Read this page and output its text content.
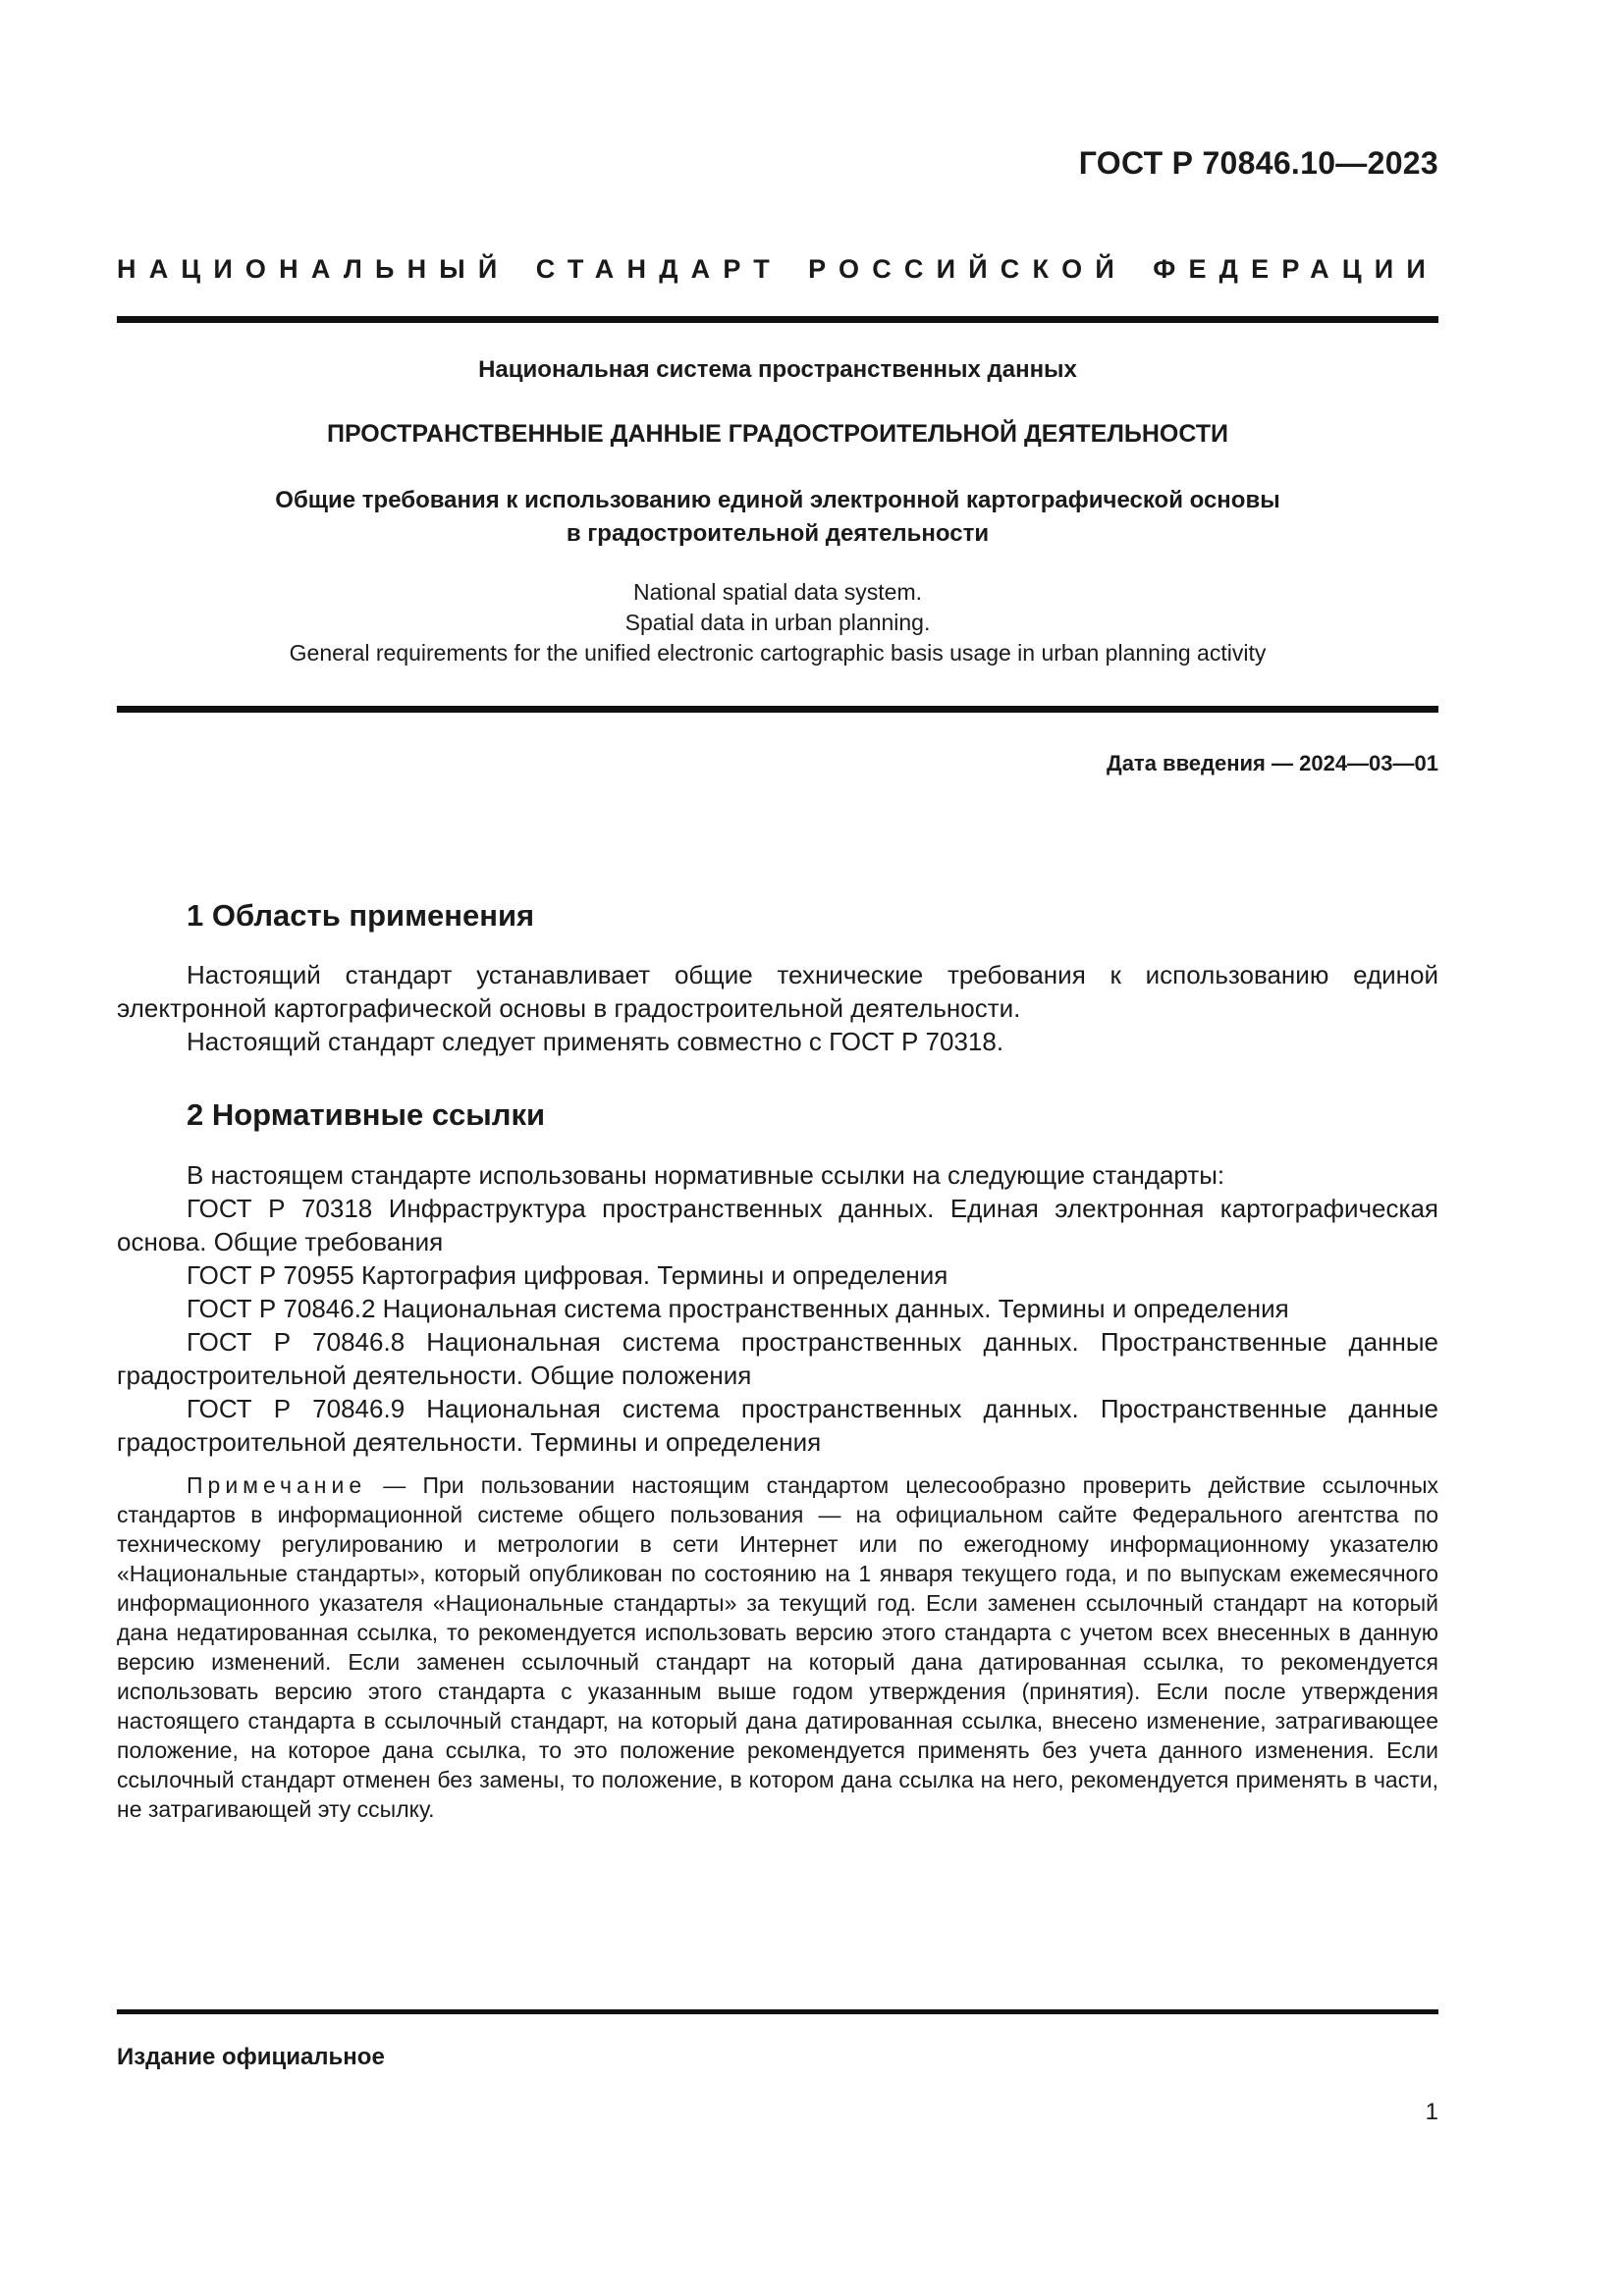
ГОСТ Р 70846.10—2023
НАЦИОНАЛЬНЫЙ СТАНДАРТ РОССИЙСКОЙ ФЕДЕРАЦИИ
Национальная система пространственных данных
ПРОСТРАНСТВЕННЫЕ ДАННЫЕ ГРАДОСТРОИТЕЛЬНОЙ ДЕЯТЕЛЬНОСТИ
Общие требования к использованию единой электронной картографической основы
в градостроительной деятельности
National spatial data system.
Spatial data in urban planning.
General requirements for the unified electronic cartographic basis usage in urban planning activity
Дата введения — 2024—03—01
1 Область применения

Настоящий стандарт устанавливает общие технические требования к использованию единой электронной картографической основы в градостроительной деятельности.

Настоящий стандарт следует применять совместно с ГОСТ Р 70318.

2 Нормативные ссылки

В настоящем стандарте использованы нормативные ссылки на следующие стандарты:

ГОСТ Р 70318 Инфраструктура пространственных данных. Единая электронная картографическая основа. Общие требования

ГОСТ Р 70955 Картография цифровая. Термины и определения

ГОСТ Р 70846.2 Национальная система пространственных данных. Термины и определения

ГОСТ Р 70846.8 Национальная система пространственных данных. Пространственные данные градостроительной деятельности. Общие положения

ГОСТ Р 70846.9 Национальная система пространственных данных. Пространственные данные градостроительной деятельности. Термины и определения

Примечание — При пользовании настоящим стандартом целесообразно проверить действие ссылочных стандартов в информационной системе общего пользования — на официальном сайте Федерального агентства по техническому регулированию и метрологии в сети Интернет или по ежегодному информационному указателю «Национальные стандарты», который опубликован по состоянию на 1 января текущего года, и по выпускам ежемесячного информационного указателя «Национальные стандарты» за текущий год. Если заменен ссылочный стандарт на который дана недатированная ссылка, то рекомендуется использовать версию этого стандарта с учетом всех внесенных в данную версию изменений. Если заменен ссылочный стандарт на который дана датированная ссылка, то рекомендуется использовать версию этого стандарта с указанным выше годом утверждения (принятия). Если после утверждения настоящего стандарта в ссылочный стандарт, на который дана датированная ссылка, внесено изменение, затрагивающее положение, на которое дана ссылка, то это положение рекомендуется применять без учета данного изменения. Если ссылочный стандарт отменен без замены, то положение, в котором дана ссылка на него, рекомендуется применять в части, не затрагивающей эту ссылку.

Издание официальное
1
